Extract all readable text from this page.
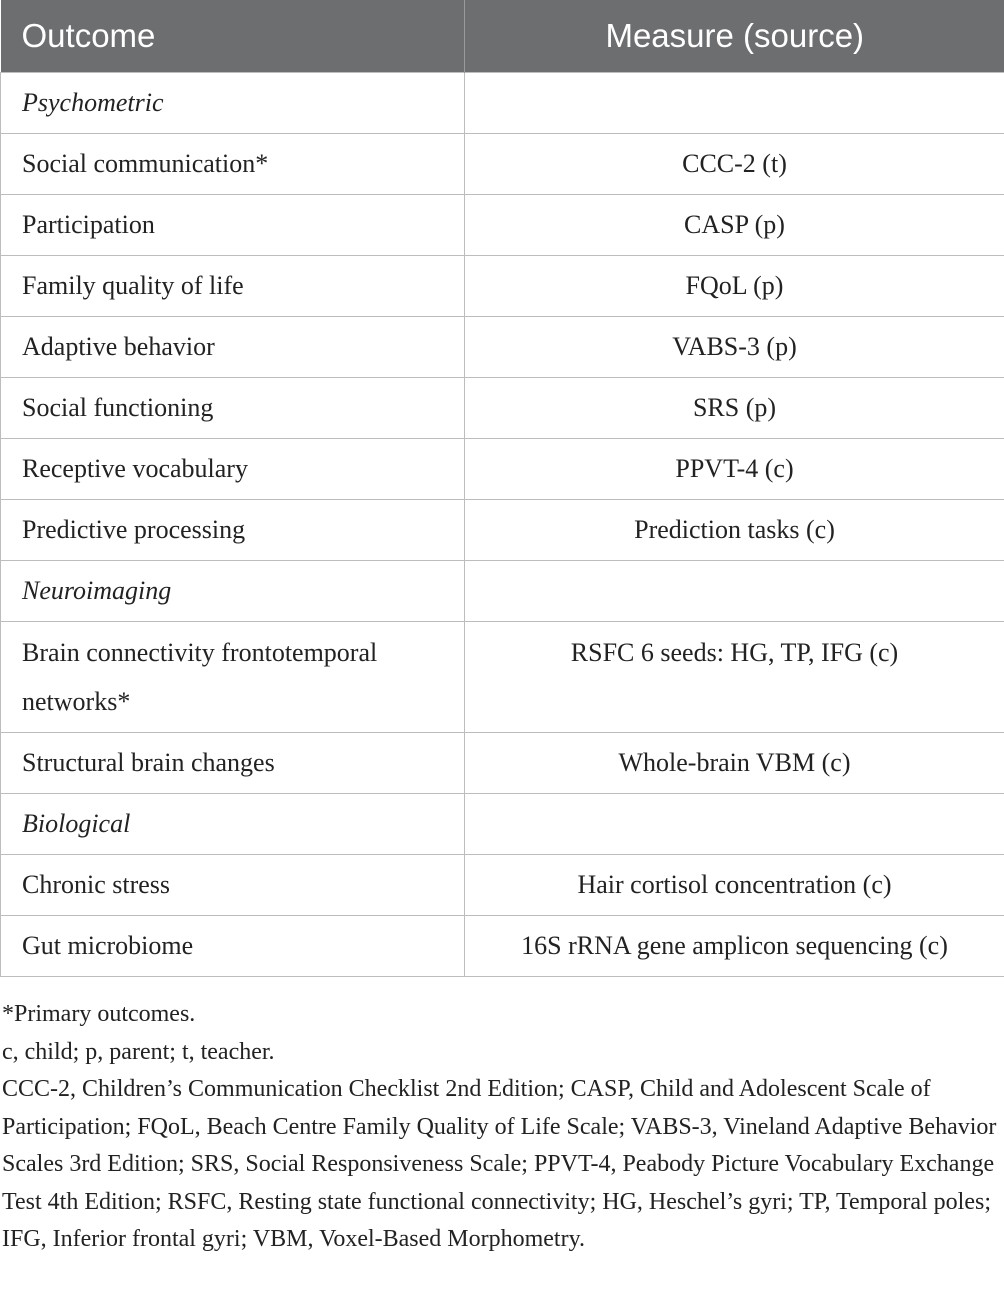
Outcome	Measure (source)
Psychometric	
Social communication*	CCC-2 (t)
Participation	CASP (p)
Family quality of life	FQoL (p)
Adaptive behavior	VABS-3 (p)
Social functioning	SRS (p)
Receptive vocabulary	PPVT-4 (c)
Predictive processing	Prediction tasks (c)
Neuroimaging	
Brain connectivity frontotemporal networks*	RSFC 6 seeds: HG, TP, IFG (c)
Structural brain changes	Whole-brain VBM (c)
Biological	
Chronic stress	Hair cortisol concentration (c)
Gut microbiome	16S rRNA gene amplicon sequencing (c)

*Primary outcomes.

c, child; p, parent; t, teacher.

CCC-2, Children’s Communication Checklist 2nd Edition; CASP, Child and Adolescent Scale of Participation; FQoL, Beach Centre Family Quality of Life Scale; VABS-3, Vineland Adaptive Behavior Scales 3rd Edition; SRS, Social Responsiveness Scale; PPVT-4, Peabody Picture Vocabulary Exchange Test 4th Edition; RSFC, Resting state functional connectivity; HG, Heschel’s gyri; TP, Temporal poles; IFG, Inferior frontal gyri; VBM, Voxel-Based Morphometry.
